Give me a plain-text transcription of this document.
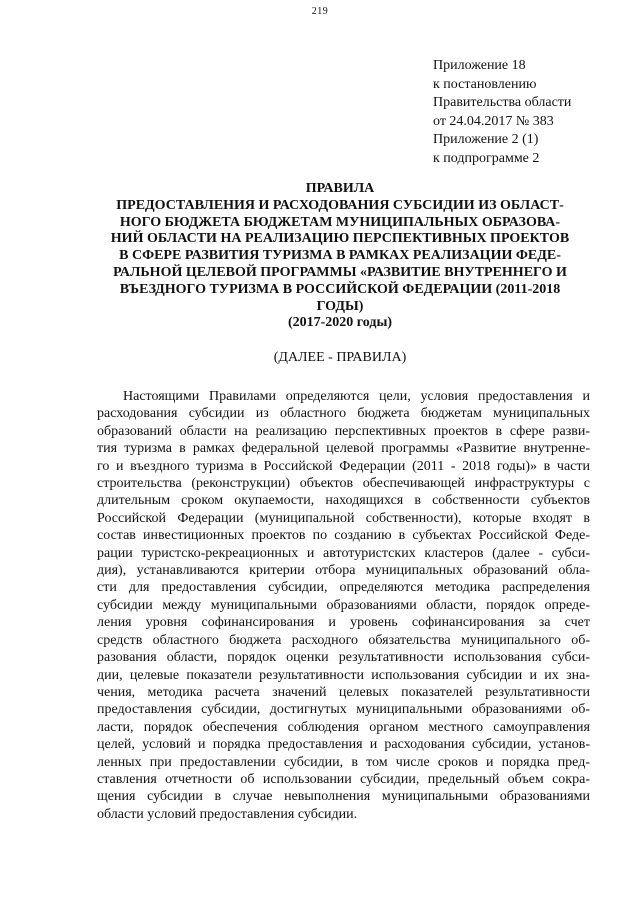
219
Приложение 18
к постановлению
Правительства области
от 24.04.2017 № 383
Приложение 2 (1)
к подпрограмме 2
ПРАВИЛА
ПРЕДОСТАВЛЕНИЯ И РАСХОДОВАНИЯ СУБСИДИИ ИЗ ОБЛАСТ-
НОГО БЮДЖЕТА БЮДЖЕТАМ МУНИЦИПАЛЬНЫХ ОБРАЗОВА-
НИЙ ОБЛАСТИ НА РЕАЛИЗАЦИЮ ПЕРСПЕКТИВНЫХ ПРОЕКТОВ
В СФЕРЕ РАЗВИТИЯ ТУРИЗМА В РАМКАХ РЕАЛИЗАЦИИ ФЕДЕ-
РАЛЬНОЙ ЦЕЛЕВОЙ ПРОГРАММЫ «РАЗВИТИЕ ВНУТРЕННЕГО И
ВЪЕЗДНОГО ТУРИЗМА В РОССИЙСКОЙ ФЕДЕРАЦИИ (2011-2018
ГОДЫ)
(2017-2020 годы)
(ДАЛЕЕ - ПРАВИЛА)
Настоящими Правилами определяются цели, условия предоставления и
расходования субсидии из областного бюджета бюджетам муниципальных
образований области на реализацию перспективных проектов в сфере разви-
тия туризма в рамках федеральной целевой программы «Развитие внутренне-
го и въездного туризма в Российской Федерации (2011 - 2018 годы)» в части
строительства (реконструкции) объектов обеспечивающей инфраструктуры с
длительным сроком окупаемости, находящихся в собственности субъектов
Российской Федерации (муниципальной собственности), которые входят в
состав инвестиционных проектов по созданию в субъектах Российской Феде-
рации туристско-рекреационных и автотуристских кластеров (далее - субси-
дия), устанавливаются критерии отбора муниципальных образований обла-
сти для предоставления субсидии, определяются методика распределения
субсидии между муниципальными образованиями области, порядок опреде-
ления уровня софинансирования и уровень софинансирования за счет
средств областного бюджета расходного обязательства муниципального об-
разования области, порядок оценки результативности использования субси-
дии, целевые показатели результативности использования субсидии и их зна-
чения, методика расчета значений целевых показателей результативности
предоставления субсидии, достигнутых муниципальными образованиями об-
ласти, порядок обеспечения соблюдения органом местного самоуправления
целей, условий и порядка предоставления и расходования субсидии, установ-
ленных при предоставлении субсидии, в том числе сроков и порядка пред-
ставления отчетности об использовании субсидии, предельный объем сокра-
щения субсидии в случае невыполнения муниципальными образованиями
области условий предоставления субсидии.
